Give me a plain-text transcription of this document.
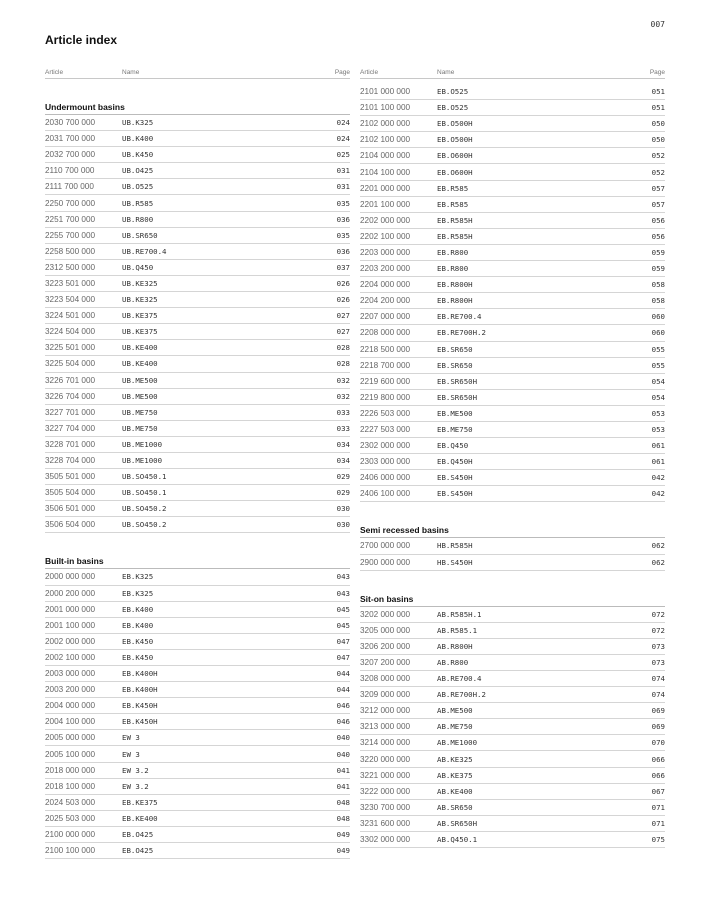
007
Article index
Article	Name	Page
Undermount basins
2030 700 000	UB.K325	024
2031 700 000	UB.K400	024
2032 700 000	UB.K450	025
2110 700 000	UB.O425	031
2111 700 000	UB.O525	031
2250 700 000	UB.R585	035
2251 700 000	UB.R800	036
2255 700 000	UB.SR650	035
2258 500 000	UB.RE700.4	036
2312 500 000	UB.Q450	037
3223 501 000	UB.KE325	026
3223 504 000	UB.KE325	026
3224 501 000	UB.KE375	027
3224 504 000	UB.KE375	027
3225 501 000	UB.KE400	028
3225 504 000	UB.KE400	028
3226 701 000	UB.ME500	032
3226 704 000	UB.ME500	032
3227 701 000	UB.ME750	033
3227 704 000	UB.ME750	033
3228 701 000	UB.ME1000	034
3228 704 000	UB.ME1000	034
3505 501 000	UB.SO450.1	029
3505 504 000	UB.SO450.1	029
3506 501 000	UB.SO450.2	030
3506 504 000	UB.SO450.2	030
Built-in basins
2000 000 000	EB.K325	043
2000 200 000	EB.K325	043
2001 000 000	EB.K400	045
2001 100 000	EB.K400	045
2002 000 000	EB.K450	047
2002 100 000	EB.K450	047
2003 000 000	EB.K400H	044
2003 200 000	EB.K400H	044
2004 000 000	EB.K450H	046
2004 100 000	EB.K450H	046
2005 000 000	EW 3	040
2005 100 000	EW 3	040
2018 000 000	EW 3.2	041
2018 100 000	EW 3.2	041
2024 503 000	EB.KE375	048
2025 503 000	EB.KE400	048
2100 000 000	EB.O425	049
2100 100 000	EB.O425	049
Article	Name	Page
2101 000 000	EB.O525	051
2101 100 000	EB.O525	051
2102 000 000	EB.O500H	050
2102 100 000	EB.O500H	050
2104 000 000	EB.O600H	052
2104 100 000	EB.O600H	052
2201 000 000	EB.R585	057
2201 100 000	EB.R585	057
2202 000 000	EB.R585H	056
2202 100 000	EB.R585H	056
2203 000 000	EB.R800	059
2203 200 000	EB.R800	059
2204 000 000	EB.R800H	058
2204 200 000	EB.R800H	058
2207 000 000	EB.RE700.4	060
2208 000 000	EB.RE700H.2	060
2218 500 000	EB.SR650	055
2218 700 000	EB.SR650	055
2219 600 000	EB.SR650H	054
2219 800 000	EB.SR650H	054
2226 503 000	EB.ME500	053
2227 503 000	EB.ME750	053
2302 000 000	EB.Q450	061
2303 000 000	EB.Q450H	061
2406 000 000	EB.S450H	042
2406 100 000	EB.S450H	042
Semi recessed basins
2700 000 000	HB.R585H	062
2900 000 000	HB.S450H	062
Sit-on basins
3202 000 000	AB.R585H.1	072
3205 000 000	AB.R585.1	072
3206 200 000	AB.R800H	073
3207 200 000	AB.R800	073
3208 000 000	AB.RE700.4	074
3209 000 000	AB.RE700H.2	074
3212 000 000	AB.ME500	069
3213 000 000	AB.ME750	069
3214 000 000	AB.ME1000	070
3220 000 000	AB.KE325	066
3221 000 000	AB.KE375	066
3222 000 000	AB.KE400	067
3230 700 000	AB.SR650	071
3231 600 000	AB.SR650H	071
3302 000 000	AB.Q450.1	075
